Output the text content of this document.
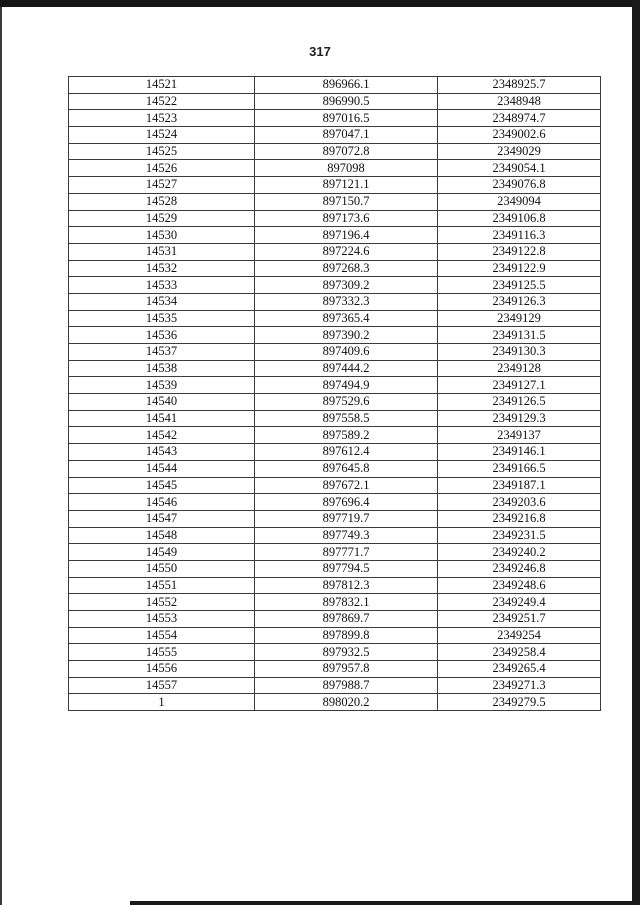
317
14521	896966.1	2348925.7
14522	896990.5	2348948
14523	897016.5	2348974.7
14524	897047.1	2349002.6
14525	897072.8	2349029
14526	897098	2349054.1
14527	897121.1	2349076.8
14528	897150.7	2349094
14529	897173.6	2349106.8
14530	897196.4	2349116.3
14531	897224.6	2349122.8
14532	897268.3	2349122.9
14533	897309.2	2349125.5
14534	897332.3	2349126.3
14535	897365.4	2349129
14536	897390.2	2349131.5
14537	897409.6	2349130.3
14538	897444.2	2349128
14539	897494.9	2349127.1
14540	897529.6	2349126.5
14541	897558.5	2349129.3
14542	897589.2	2349137
14543	897612.4	2349146.1
14544	897645.8	2349166.5
14545	897672.1	2349187.1
14546	897696.4	2349203.6
14547	897719.7	2349216.8
14548	897749.3	2349231.5
14549	897771.7	2349240.2
14550	897794.5	2349246.8
14551	897812.3	2349248.6
14552	897832.1	2349249.4
14553	897869.7	2349251.7
14554	897899.8	2349254
14555	897932.5	2349258.4
14556	897957.8	2349265.4
14557	897988.7	2349271.3
1	898020.2	2349279.5
